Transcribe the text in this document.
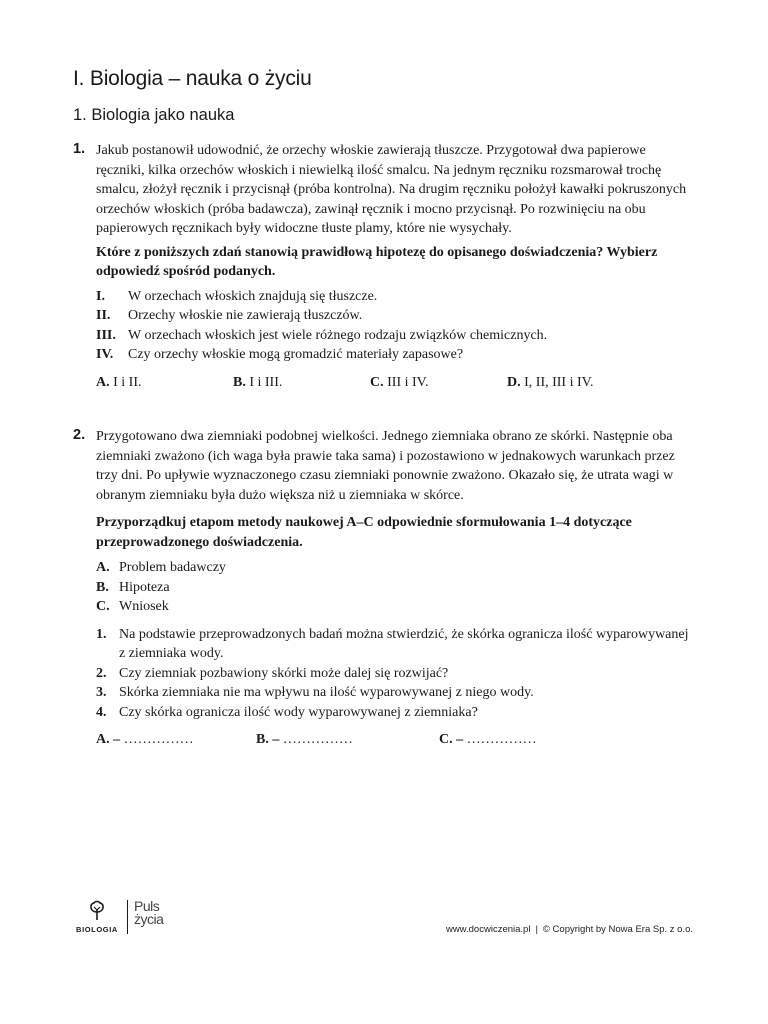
I. Biologia – nauka o życiu
1. Biologia jako nauka
1. Jakub postanowił udowodnić, że orzechy włoskie zawierają tłuszcze. Przygotował dwa papierowe ręczniki, kilka orzechów włoskich i niewielką ilość smalcu. Na jednym ręczniku rozsmarował trochę smalcu, złożył ręcznik i przycisnął (próba kontrolna). Na drugim ręczniku położył kawałki pokruszonych orzechów włoskich (próba badawcza), zawinął ręcznik i mocno przycisnął. Po rozwinięciu na obu papierowych ręcznikach były widoczne tłuste plamy, które nie wysychały.

Które z poniższych zdań stanowią prawidłową hipotezę do opisanego doświadczenia? Wybierz odpowiedź spośród podanych.

I.	W orzechach włoskich znajdują się tłuszcze.
II.	Orzechy włoskie nie zawierają tłuszczów.
III. W orzechach włoskich jest wiele różnego rodzaju związków chemicznych.
IV.	Czy orzechy włoskie mogą gromadzić materiały zapasowe?
A. I i II.	B. I i III.	C. III i IV.	D. I, II, III i IV.
2. Przygotowano dwa ziemniaki podobnej wielkości. Jednego ziemniaka obrano ze skórki. Następnie oba ziemniaki zważono (ich waga była prawie taka sama) i pozostawiono w jednakowych warunkach przez trzy dni. Po upływie wyznaczonego czasu ziemniaki ponownie zważono. Okazało się, że utrata wagi w obranym ziemniaku była dużo większa niż u ziemniaka w skórce.

Przyporządkuj etapom metody naukowej A–C odpowiednie sformułowania 1–4 dotyczące przeprowadzonego doświadczenia.

A. Problem badawczy
B. Hipoteza
C. Wniosek
1. Na podstawie przeprowadzonych badań można stwierdzić, że skórka ogranicza ilość wyparowywanej z ziemniaka wody.
2. Czy ziemniak pozbawiony skórki może dalej się rozwijać?
3. Skórka ziemniaka nie ma wpływu na ilość wyparowywanej z niego wody.
4. Czy skórka ogranicza ilość wody wyparowywanej z ziemniaka?
A. – ……………	B. – ……………	C. – ……………
BIOLOGIA
Puls
życia
www.docwiczenia.pl | © Copyright by Nowa Era Sp. z o.o.
